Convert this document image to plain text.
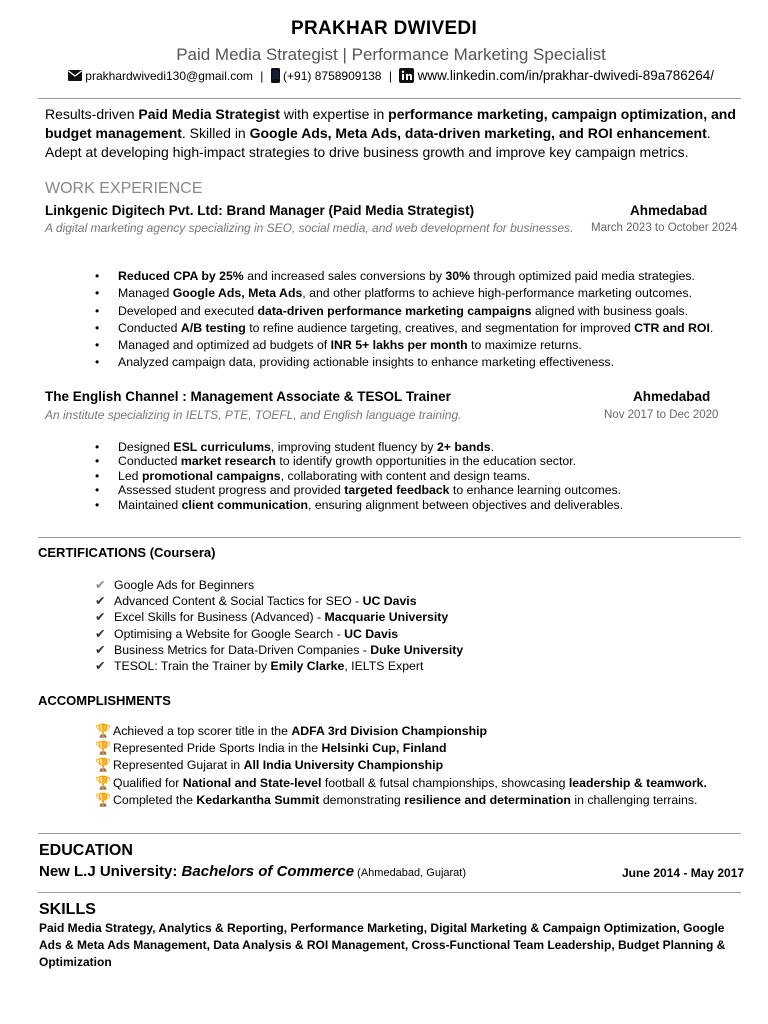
PRAKHAR DWIVEDI
Paid Media Strategist | Performance Marketing Specialist
prakhardwivedi130@gmail.com | (+91) 8758909138 | www.linkedin.com/in/prakhar-dwivedi-89a786264/
Results-driven Paid Media Strategist with expertise in performance marketing, campaign optimization, and budget management. Skilled in Google Ads, Meta Ads, data-driven marketing, and ROI enhancement. Adept at developing high-impact strategies to drive business growth and improve key campaign metrics.
WORK EXPERIENCE
Linkgenic Digitech Pvt. Ltd: Brand Manager (Paid Media Strategist)	Ahmedabad
A digital marketing agency specializing in SEO, social media, and web development for businesses. March 2023 to October 2024
• Reduced CPA by 25% and increased sales conversions by 30% through optimized paid media strategies.
• Managed Google Ads, Meta Ads, and other platforms to achieve high-performance marketing outcomes.
• Developed and executed data-driven performance marketing campaigns aligned with business goals.
• Conducted A/B testing to refine audience targeting, creatives, and segmentation for improved CTR and ROI.
• Managed and optimized ad budgets of INR 5+ lakhs per month to maximize returns.
• Analyzed campaign data, providing actionable insights to enhance marketing effectiveness.
The English Channel : Management Associate & TESOL Trainer	Ahmedabad
An institute specializing in IELTS, PTE, TOEFL, and English language training.	Nov 2017 to Dec 2020
• Designed ESL curriculums, improving student fluency by 2+ bands.
• Conducted market research to identify growth opportunities in the education sector.
• Led promotional campaigns, collaborating with content and design teams.
• Assessed student progress and provided targeted feedback to enhance learning outcomes.
• Maintained client communication, ensuring alignment between objectives and deliverables.
CERTIFICATIONS (Coursera)
✔ Google Ads for Beginners
✔ Advanced Content & Social Tactics for SEO - UC Davis
✔ Excel Skills for Business (Advanced) - Macquarie University
✔ Optimising a Website for Google Search - UC Davis
✔ Business Metrics for Data-Driven Companies - Duke University
✔ TESOL: Train the Trainer by Emily Clarke, IELTS Expert
ACCOMPLISHMENTS
🏆 Achieved a top scorer title in the ADFA 3rd Division Championship
🏆 Represented Pride Sports India in the Helsinki Cup, Finland
🏆 Represented Gujarat in All India University Championship
🏆 Qualified for National and State-level football & futsal championships, showcasing leadership & teamwork.
🏆 Completed the Kedarkantha Summit demonstrating resilience and determination in challenging terrains.
EDUCATION
New L.J University: Bachelors of Commerce (Ahmedabad, Gujarat)	June 2014 - May 2017
SKILLS
Paid Media Strategy, Analytics & Reporting, Performance Marketing, Digital Marketing & Campaign Optimization, Google Ads & Meta Ads Management, Data Analysis & ROI Management, Cross-Functional Team Leadership, Budget Planning & Optimization
